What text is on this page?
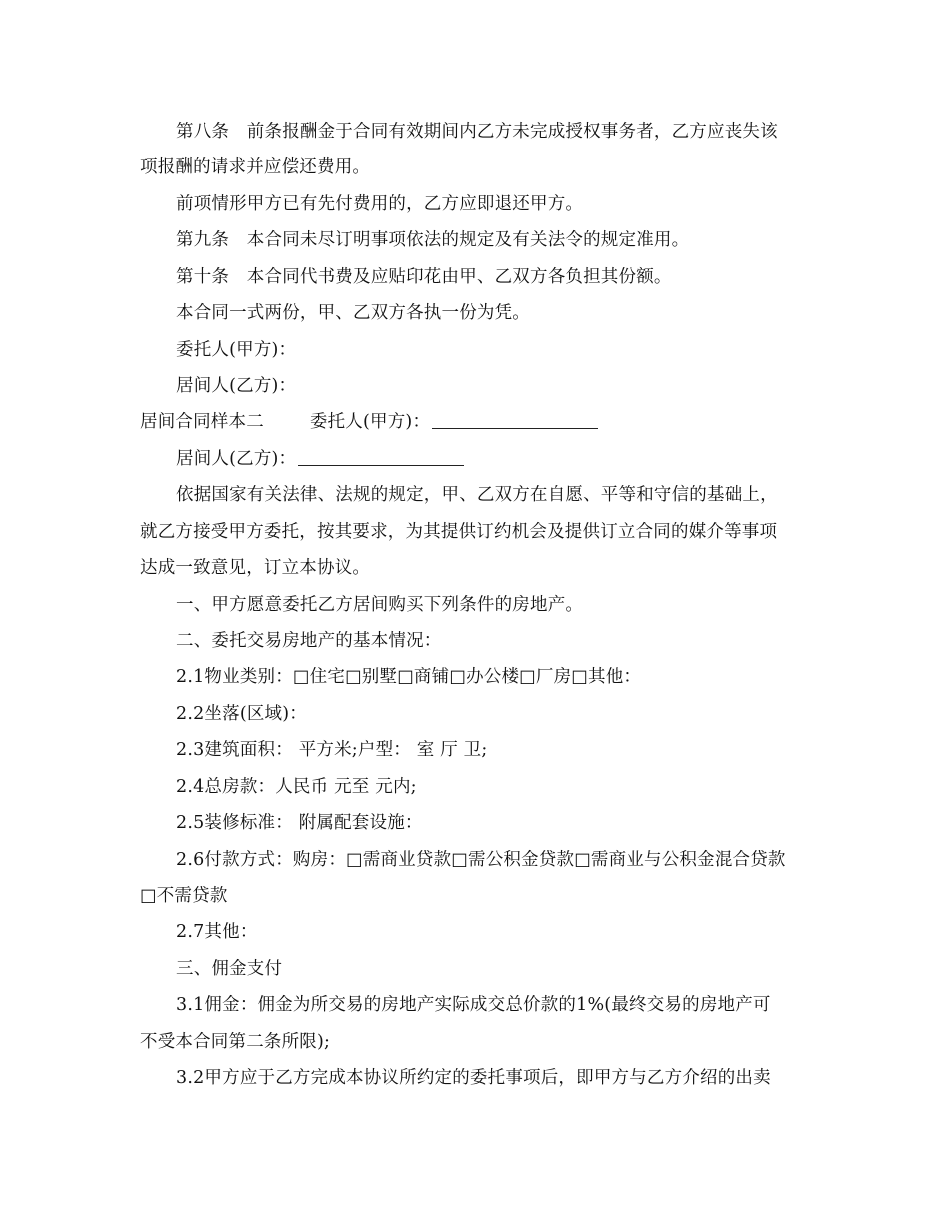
第八条　前条报酬金于合同有效期间内乙方未完成授权事务者，乙方应丧失该
项报酬的请求并应偿还费用。
前项情形甲方已有先付费用的，乙方应即退还甲方。
第九条　本合同未尽订明事项依法的规定及有关法令的规定准用。
第十条　本合同代书费及应贴印花由甲、乙双方各负担其份额。
本合同一式两份，甲、乙双方各执一份为凭。
委托人(甲方)：
居间人(乙方)：
居间合同样本二	委托人(甲方)：
居间人(乙方)：
依据国家有关法律、法规的规定，甲、乙双方在自愿、平等和守信的基础上，
就乙方接受甲方委托，按其要求，为其提供订约机会及提供订立合同的媒介等事项
达成一致意见，订立本协议。
一、甲方愿意委托乙方居间购买下列条件的房地产。
二、委托交易房地产的基本情况：
2.1物业类别：□住宅□别墅□商铺□办公楼□厂房□其他：
2.2坐落(区域)：
2.3建筑面积： 平方米;户型： 室 厅 卫;
2.4总房款：人民币 元至 元内;
2.5装修标准： 附属配套设施：
2.6付款方式：购房：□需商业贷款□需公积金贷款□需商业与公积金混合贷款
□不需贷款
2.7其他：
三、佣金支付
3.1佣金：佣金为所交易的房地产实际成交总价款的1%(最终交易的房地产可
不受本合同第二条所限);
3.2甲方应于乙方完成本协议所约定的委托事项后，即甲方与乙方介绍的出卖
